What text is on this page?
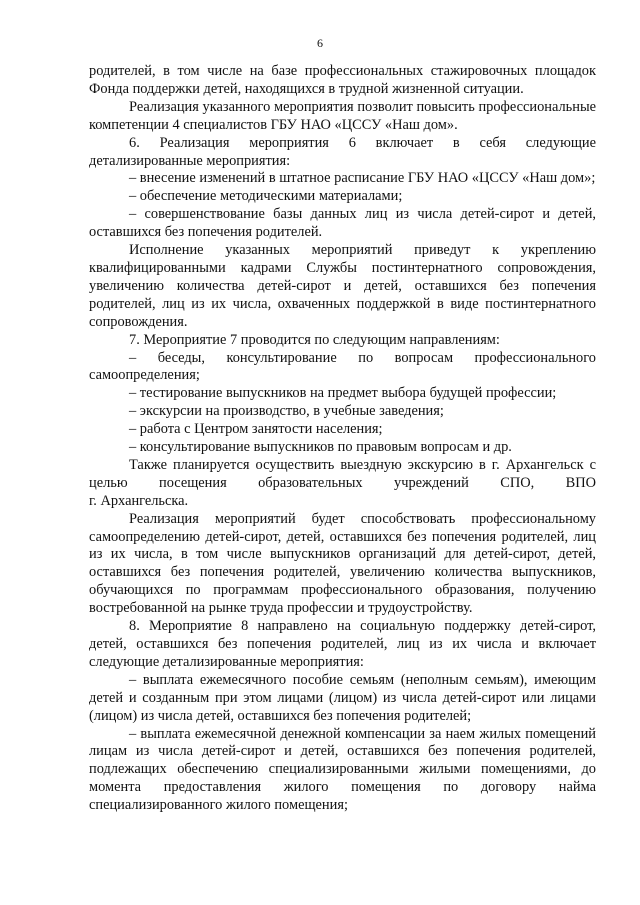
6

родителей, в том числе на базе профессиональных стажировочных площадок Фонда поддержки детей, находящихся в трудной жизненной ситуации.

Реализация указанного мероприятия позволит повысить профессиональные компетенции 4 специалистов ГБУ НАО «ЦССУ «Наш дом».

6. Реализация мероприятия 6 включает в себя следующие детализированные мероприятия:

– внесение изменений в штатное расписание ГБУ НАО «ЦССУ «Наш дом»;

– обеспечение методическими материалами;

– совершенствование базы данных лиц из числа детей-сирот и детей, оставшихся без попечения родителей.

Исполнение указанных мероприятий приведут к укреплению квалифицированными кадрами Службы постинтернатного сопровождения, увеличению количества детей-сирот и детей, оставшихся без попечения родителей, лиц из их числа, охваченных поддержкой в виде постинтернатного сопровождения.

7. Мероприятие 7 проводится по следующим направлениям:

– беседы, консультирование по вопросам профессионального самоопределения;

– тестирование выпускников на предмет выбора будущей профессии;

– экскурсии на производство, в учебные заведения;

– работа с Центром занятости населения;

– консультирование выпускников по правовым вопросам и др.

Также планируется осуществить выездную экскурсию в г. Архангельск с целью посещения образовательных учреждений СПО, ВПО

г. Архангельска.

Реализация мероприятий будет способствовать профессиональному самоопределению детей-сирот, детей, оставшихся без попечения родителей, лиц из их числа, в том числе выпускников организаций для детей-сирот, детей, оставшихся без попечения родителей, увеличению количества выпускников, обучающихся по программам профессионального образования, получению востребованной на рынке труда профессии и трудоустройству.

8. Мероприятие 8 направлено на социальную поддержку детей-сирот, детей, оставшихся без попечения родителей, лиц из их числа и включает следующие детализированные мероприятия:

– выплата ежемесячного пособие семьям (неполным семьям), имеющим детей и созданным при этом лицами (лицом) из числа детей-сирот или лицами (лицом) из числа детей, оставшихся без попечения родителей;

– выплата ежемесячной денежной компенсации за наем жилых помещений лицам из числа детей-сирот и детей, оставшихся без попечения родителей, подлежащих обеспечению специализированными жилыми помещениями, до момента предоставления жилого помещения по договору найма специализированного жилого помещения;
